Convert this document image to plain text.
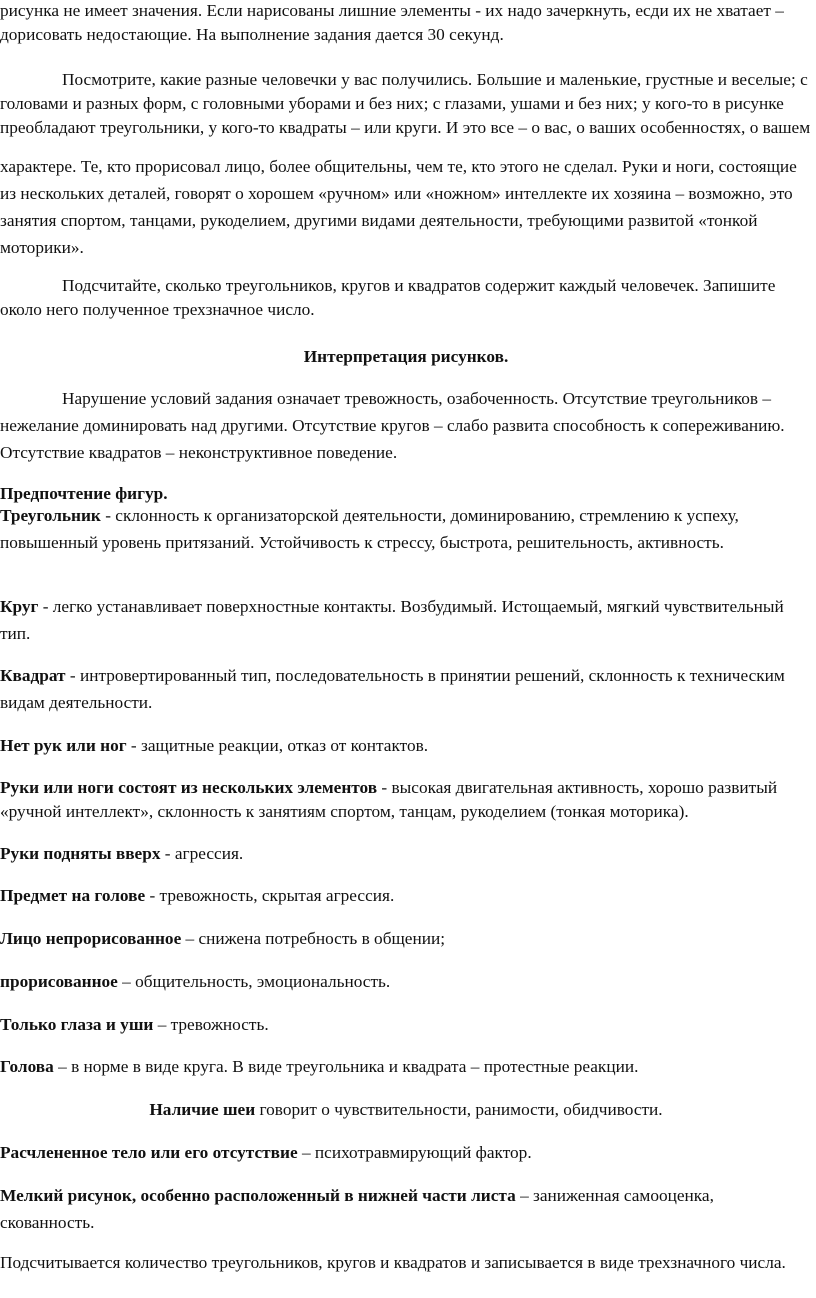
рисунка не имеет значения. Если нарисованы лишние элементы - их надо зачеркнуть, еcди их не хватает – дорисовать недостающие. На выполнение задания дается 30 секунд.

Посмотрите, какие разные человечки у вас получились. Большие и маленькие, грустные и веселые; с головами и разных форм, с головными уборами и без них; с глазами, ушами и без них; у кого-то в рисунке преобладают треугольники, у кого-то квадраты – или круги. И это все – о вас, о ваших особенностях, о вашем

характере. Те, кто прорисовал лицо, более общительны, чем те, кто этого не сделал. Руки и ноги, состоящие из нескольких деталей, говорят о хорошем «ручном» или «ножном» интеллекте их хозяина – возможно, это занятия спортом, танцами, рукоделием, другими видами деятельности, требующими развитой «тонкой моторики».

Подсчитайте, сколько треугольников, кругов и квадратов содержит каждый человечек. Запишите около него полученное трехзначное число.

Интерпретация рисунков.

Нарушение условий задания означает тревожность, озабоченность. Отсутствие треугольников – нежелание доминировать над другими. Отсутствие кругов – слабо развита способность к сопереживанию. Отсутствие квадратов – неконструктивное поведение.

Предпочтение фигур.

Треугольник - склонность к организаторской деятельности, доминированию, стремлению к успеху, повышенный уровень притязаний. Устойчивость к стрессу, быстрота, решительность, активность.

Круг - легко устанавливает поверхностные контакты. Возбудимый. Истощаемый, мягкий чувствительный тип.

Квадрат - интровертированный тип, последовательность в принятии решений, склонность к техническим видам деятельности.

Нет рук или ног - защитные реакции, отказ от контактов.

Руки или ноги состоят из нескольких элементов - высокая двигательная активность, хорошо развитый «ручной интеллект», склонность к занятиям спортом, танцам, рукоделием (тонкая моторика).

Руки подняты вверх - агрессия.

Предмет на голове - тревожность, скрытая агрессия.

Лицо непрорисованное – снижена потребность в общении;

прорисованное – общительность, эмоциональность.

Только глаза и уши – тревожность.

Голова – в норме в виде круга. В виде треугольника и квадрата – протестные реакции.

Наличие шеи говорит о чувствительности, ранимости, обидчивости.

Расчлененное тело или его отсутствие – психотравмирующий фактор.

Мелкий рисунок, особенно расположенный в нижней части листа – заниженная самооценка, скованность.

Подсчитывается количество треугольников, кругов и квадратов и записывается в виде трехзначного числа.
